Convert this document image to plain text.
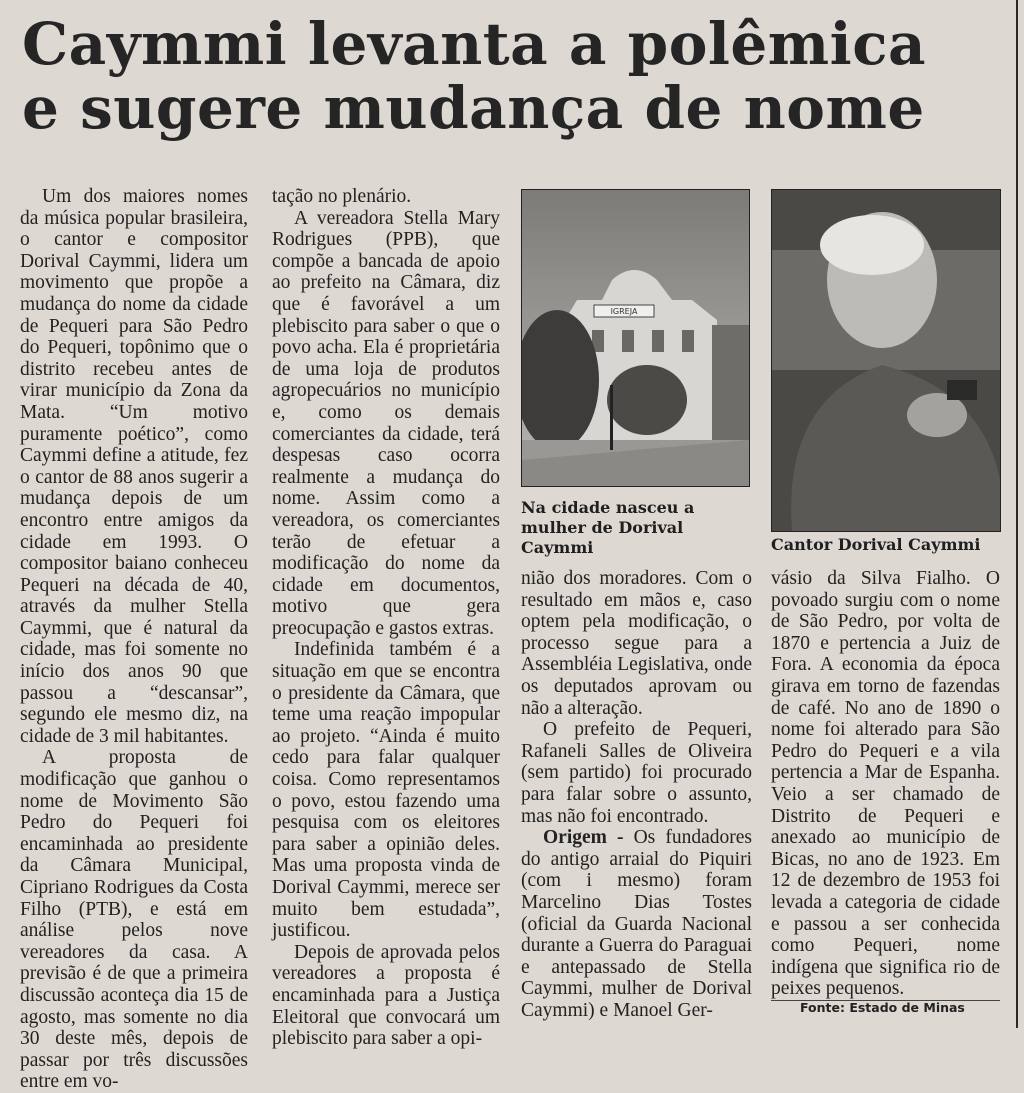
Caymmi levanta a polêmica
e sugere mudança de nome

Um dos maiores nomes da música popular brasileira, o cantor e compositor Dorival Caymmi, lidera um movimento que propõe a mudança do nome da cidade de Pequeri para São Pedro do Pequeri, topônimo que o distrito recebeu antes de virar município da Zona da Mata. “Um motivo puramente poético”, como Caymmi define a atitude, fez o cantor de 88 anos sugerir a mudança depois de um encontro entre amigos da cidade em 1993. O compositor baiano conheceu Pequeri na década de 40, através da mulher Stella Caymmi, que é natural da cidade, mas foi somente no início dos anos 90 que passou a “descansar”, segundo ele mesmo diz, na cidade de 3 mil habitantes.

A proposta de modificação que ganhou o nome de Movimento São Pedro do Pequeri foi encaminhada ao presidente da Câmara Municipal, Cipriano Rodrigues da Costa Filho (PTB), e está em análise pelos nove vereadores da casa. A previsão é de que a primeira discussão aconteça dia 15 de agosto, mas somente no dia 30 deste mês, depois de passar por três discussões entre em vo-

tação no plenário.

A vereadora Stella Mary Rodrigues (PPB), que compõe a bancada de apoio ao prefeito na Câmara, diz que é favorável a um plebiscito para saber o que o povo acha. Ela é proprietária de uma loja de produtos agropecuários no município e, como os demais comerciantes da cidade, terá despesas caso ocorra realmente a mudança do nome. Assim como a vereadora, os comerciantes terão de efetuar a modificação do nome da cidade em documentos, motivo que gera preocupação e gastos extras.

Indefinida também é a situação em que se encontra o presidente da Câmara, que teme uma reação impopular ao projeto. “Ainda é muito cedo para falar qualquer coisa. Como representamos o povo, estou fazendo uma pesquisa com os eleitores para saber a opinião deles. Mas uma proposta vinda de Dorival Caymmi, merece ser muito bem estudada”, justificou.

Depois de aprovada pelos vereadores a proposta é encaminhada para a Justiça Eleitoral que convocará um plebiscito para saber a opi-

IGREJA
Na cidade nasceu a mulher de Dorival Caymmi	Cantor Dorival Caymmi

nião dos moradores. Com o resultado em mãos e, caso optem pela modificação, o processo segue para a Assembléia Legislativa, onde os deputados aprovam ou não a alteração.

O prefeito de Pequeri, Rafaneli Salles de Oliveira (sem partido) foi procurado para falar sobre o assunto, mas não foi encontrado.

Origem - Os fundadores do antigo arraial do Piquiri (com i mesmo) foram Marcelino Dias Tostes (oficial da Guarda Nacional durante a Guerra do Paraguai e antepassado de Stella Caymmi, mulher de Dorival Caymmi) e Manoel Ger-

vásio da Silva Fialho. O povoado surgiu com o nome de São Pedro, por volta de 1870 e pertencia a Juiz de Fora. A economia da época girava em torno de fazendas de café. No ano de 1890 o nome foi alterado para São Pedro do Pequeri e a vila pertencia a Mar de Espanha. Veio a ser chamado de Distrito de Pequeri e anexado ao município de Bicas, no ano de 1923. Em 12 de dezembro de 1953 foi levada a categoria de cidade e passou a ser conhecida como Pequeri, nome indígena que significa rio de peixes pequenos.

Fonte: Estado de Minas
